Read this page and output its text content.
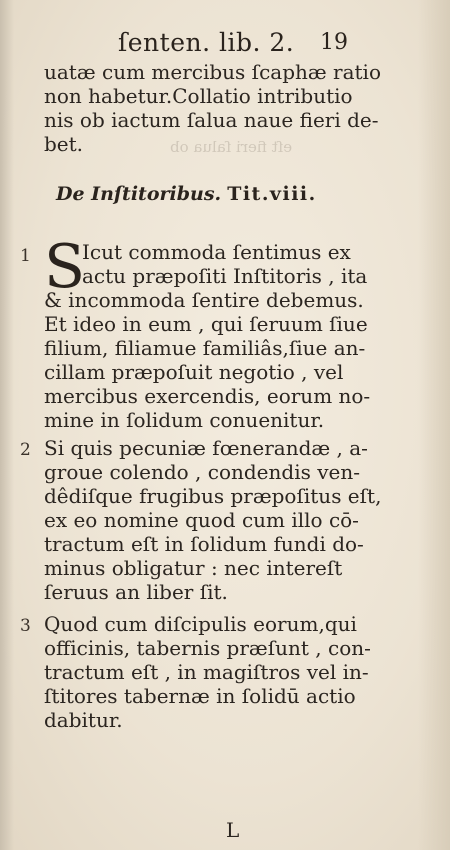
ſenten. lib. 2. 19
uatæ cum mercibus ſcaphæ ratio
non habetur.Collatio intributio
nis ob iactum ſalua naue fieri de-
bet.	eſt fieri ſalua ob
De Inſtitoribus. Tit.viii.
1 S
Icut commoda ſentimus ex
actu præpoſiti Inſtitoris , ita
& incommoda ſentire debemus.
Et ideo in eum , qui ſeruum ſiue
filium, filiamue familiâs,ſiue an-
cillam præpoſuit negotio , vel
mercibus exercendis, eorum no-
mine in ſolidum conuenitur.
2 Si quis pecuniæ fœnerandæ , a-
groue colendo , condendis ven-
dêdiſque frugibus præpoſitus eſt,
ex eo nomine quod cum illo cō-
tractum eſt in ſolidum fundi do-
minus obligatur : nec intereſt
ſeruus an liber ſit.
3 Quod cum diſcipulis eorum,qui
officinis, tabernis præſunt , con-
tractum eſt , in magiſtros vel in-
ſtitores tabernæ in ſolidū actio
dabitur.
L
